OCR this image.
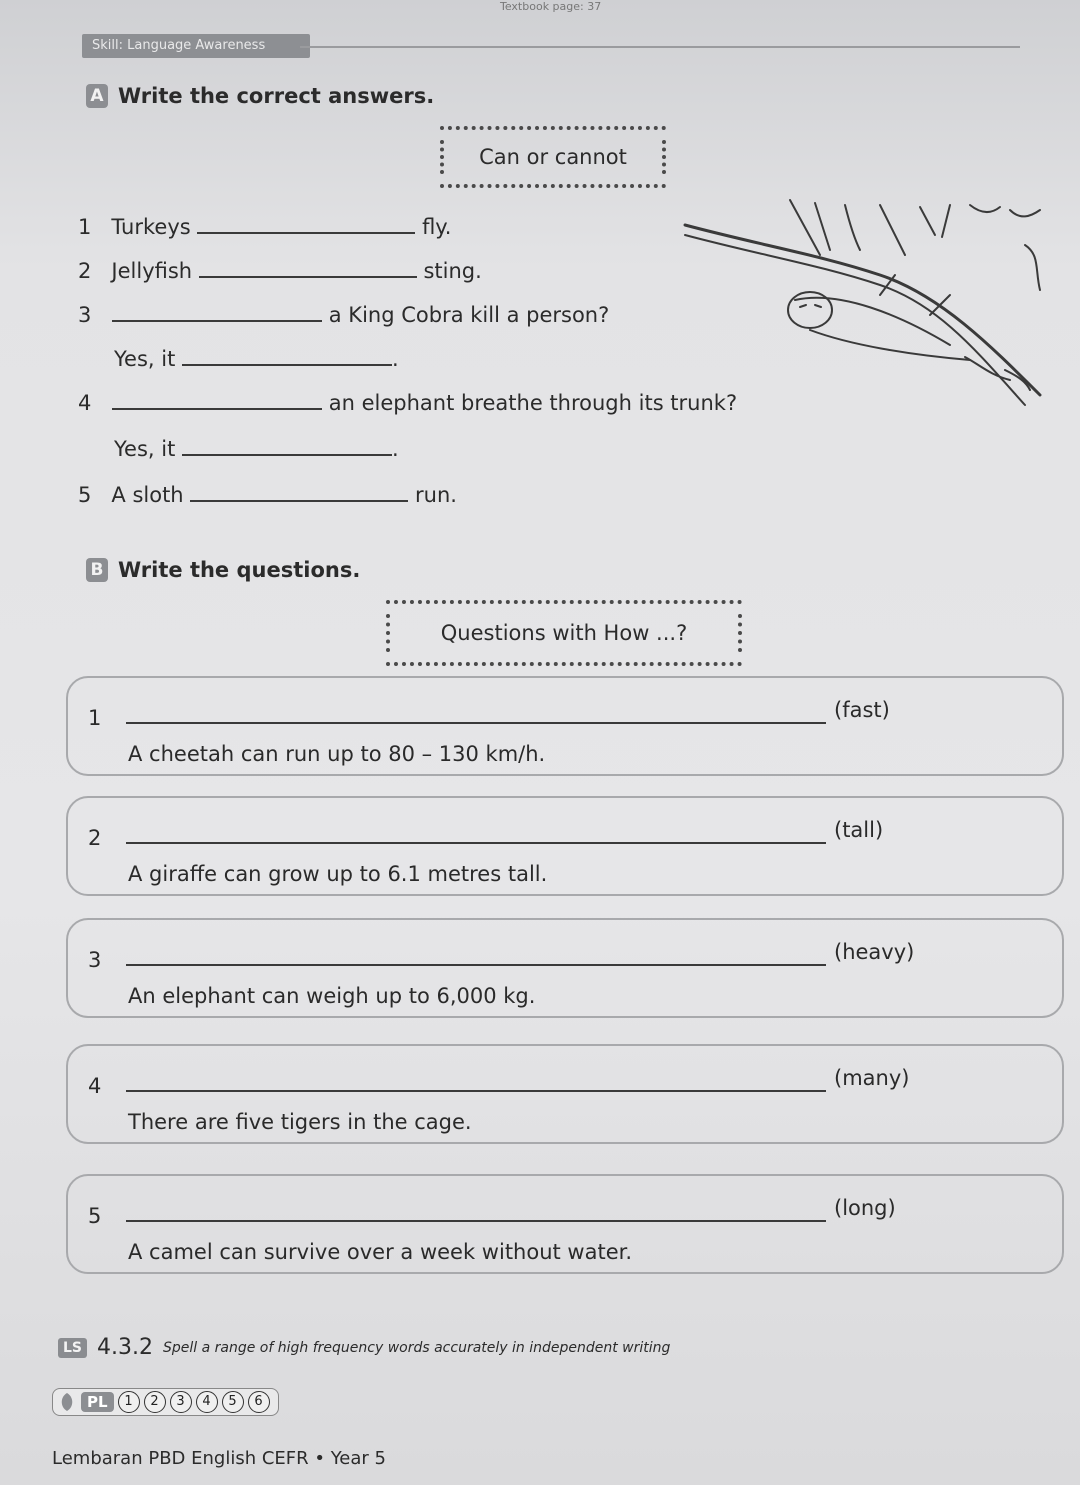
Textbook page: 37
Skill: Language Awareness
A Write the correct answers.
Can or cannot
1 Turkeys	fly.
2 Jellyfish	sting.
3	a King Cobra kill a person?
Yes, it	.
4	an elephant breathe through its trunk?
Yes, it	.
5 A sloth	run.
B Write the questions.
Questions with How ...?
1	(fast)
A cheetah can run up to 80 – 130 km/h.
2	(tall)
A giraffe can grow up to 6.1 metres tall.
3	(heavy)
An elephant can weigh up to 6,000 kg.
4	(many)
There are five tigers in the cage.
5	(long)
A camel can survive over a week without water.
LS 4.3.2 Spell a range of high frequency words accurately in independent writing
PL	1	2	3	4	5	6
Lembaran PBD English CEFR • Year 5
